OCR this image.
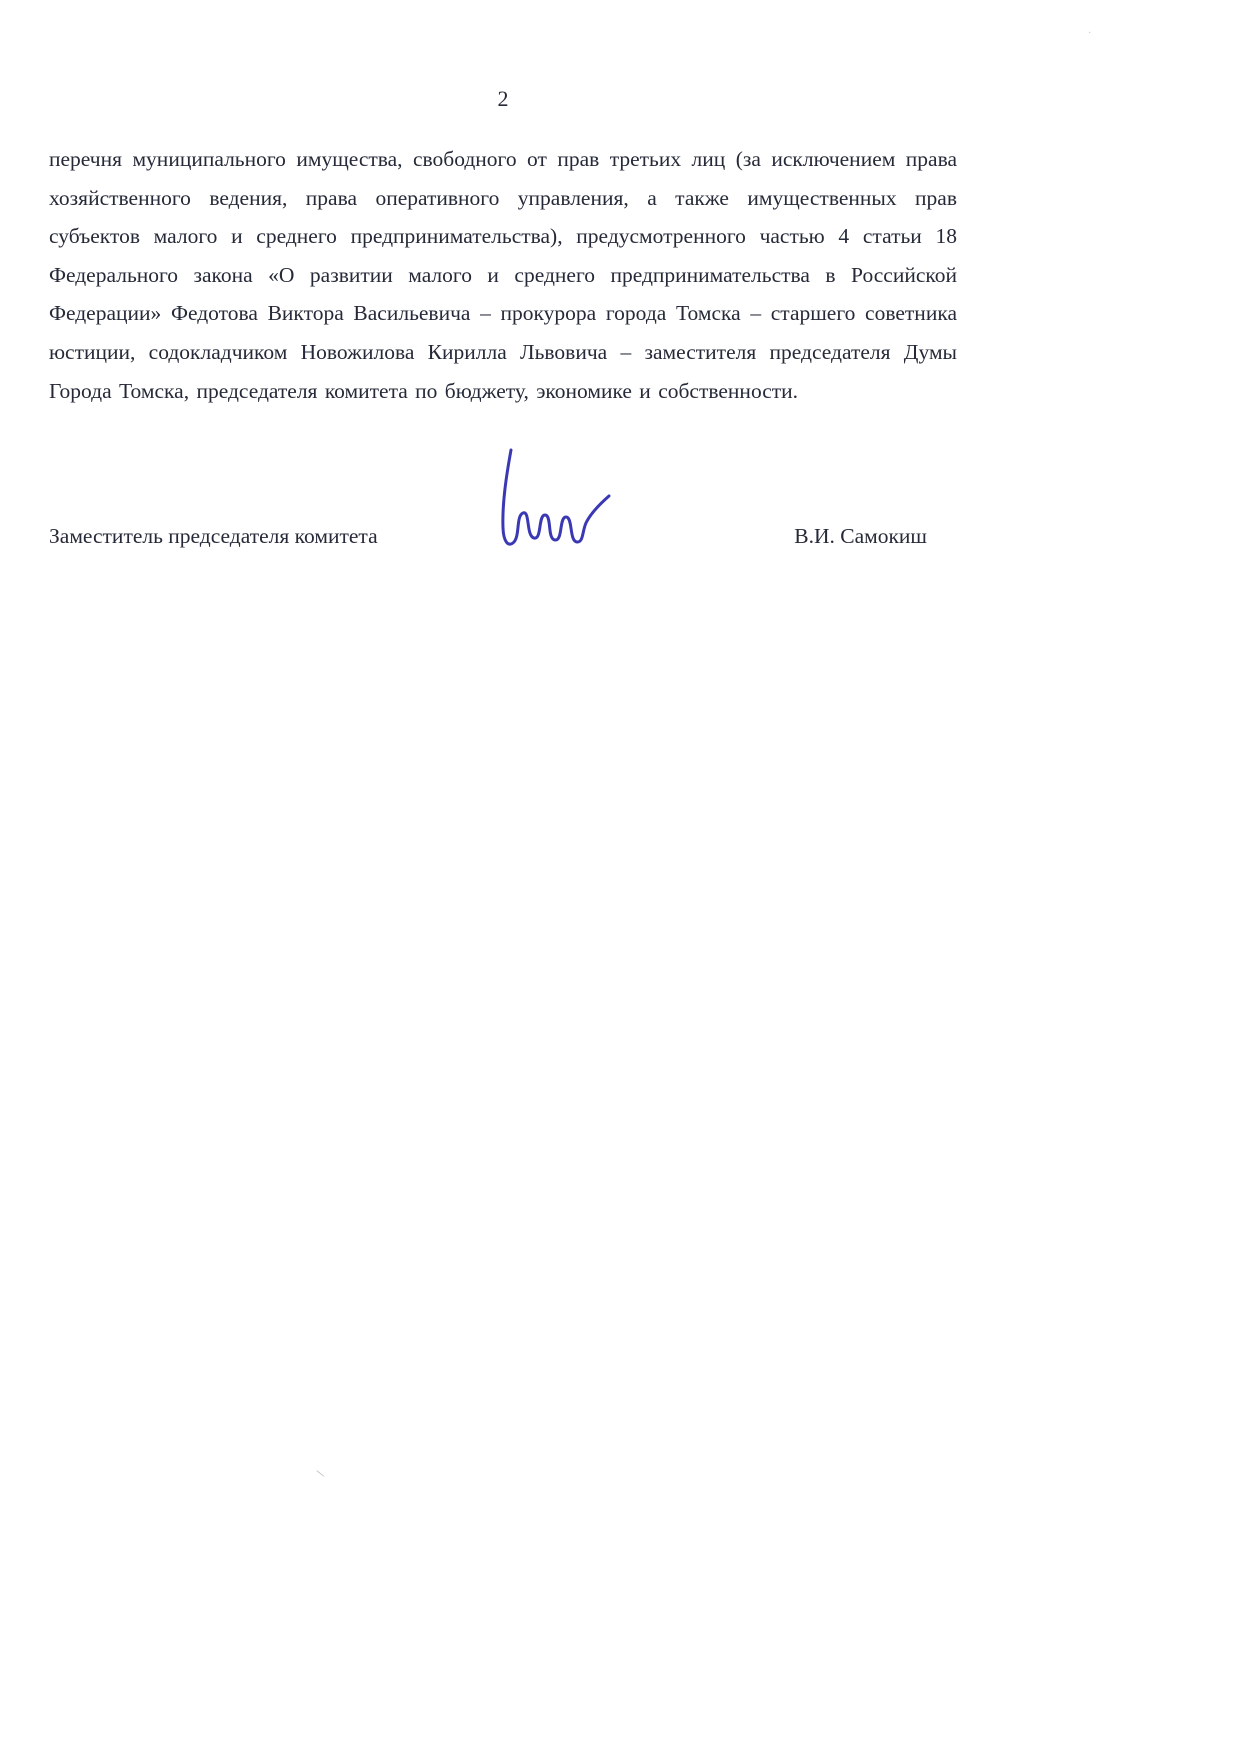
2
перечня муниципального имущества, свободного от прав третьих лиц (за исключением права хозяйственного ведения, права оперативного управления, а также имущественных прав субъектов малого и среднего предпринимательства), предусмотренного частью 4 статьи 18 Федерального закона «О развитии малого и среднего предпринимательства в Российской Федерации» Федотова Виктора Васильевича – прокурора города Томска – старшего советника юстиции, содокладчиком Новожилова Кирилла Львовича – заместителя председателя Думы Города Томска, председателя комитета по бюджету, экономике и собственности.
Заместитель председателя комитета	В.И. Самокиш
ᝍ
·
